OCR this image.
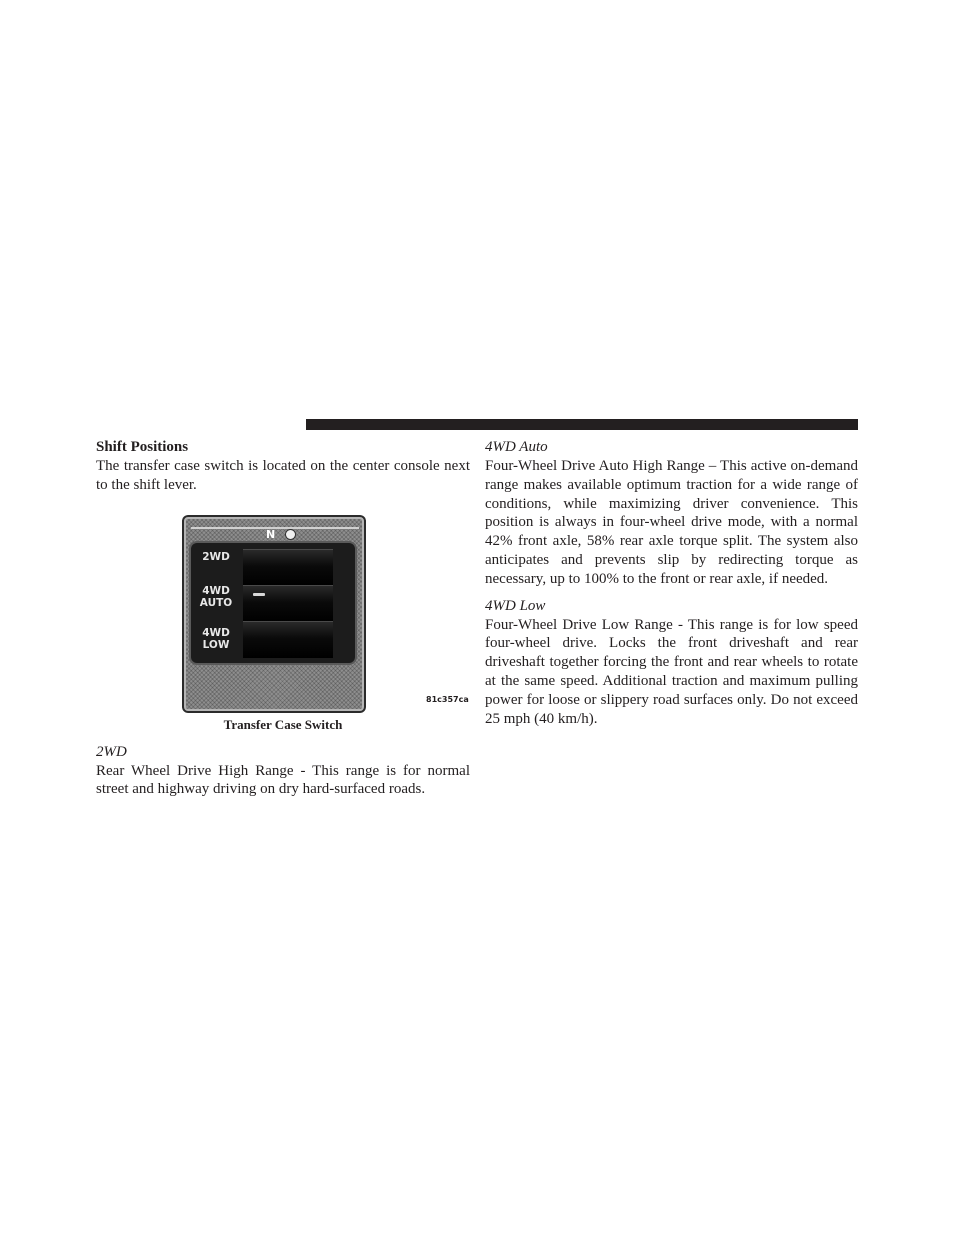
Shift Positions

The transfer case switch is located on the center console next to the shift lever.

N
2WD
4WD
AUTO
4WD
LOW
81c357ca
Transfer Case Switch

2WD

Rear Wheel Drive High Range - This range is for normal street and highway driving on dry hard-surfaced roads.

4WD Auto

Four-Wheel Drive Auto High Range – This active on-demand range makes available optimum traction for a wide range of conditions, while maximizing driver convenience. This position is always in four-wheel drive mode, with a normal 42% front axle, 58% rear axle torque split. The system also anticipates and prevents slip by redirecting torque as necessary, up to 100% to the front or rear axle, if needed.

4WD Low

Four-Wheel Drive Low Range - This range is for low speed four-wheel drive. Locks the front driveshaft and rear driveshaft together forcing the front and rear wheels to rotate at the same speed. Additional traction and maximum pulling power for loose or slippery road surfaces only. Do not exceed 25 mph (40 km/h).
